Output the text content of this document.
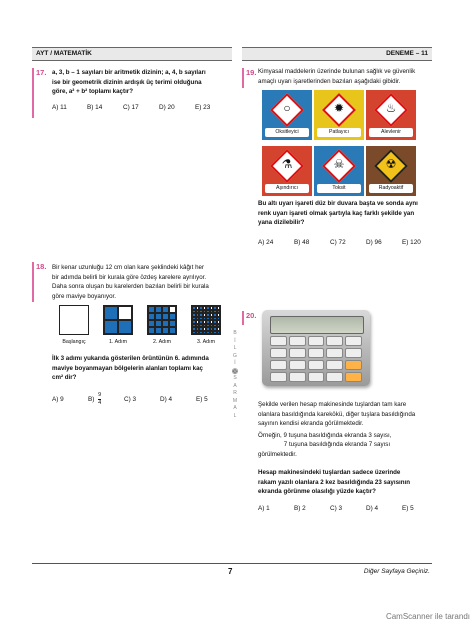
AYT / MATEMATİK	DENEME – 11
17. a, 3, b – 1 sayıları bir aritmetik dizinin; a, 4, b sayıları
ise bir geometrik dizinin ardışık üç terimi olduğuna
göre, a² + b² toplamı kaçtır?
A) 11	B) 14	C) 17	D) 20	E) 23
18. Bir kenar uzunluğu 12 cm olan kare şeklindeki kâğıt her
bir adımda belirli bir kurala göre özdeş karelere ayrılıyor.
Daha sonra oluşan bu karelerden bazıları belirli bir kurala
göre maviye boyanıyor.
Başlangıç	1. Adım	2. Adım	3. Adım
İlk 3 adımı yukarıda gösterilen örüntünün 6. adımında
maviye boyanmayan bölgelerin alanları toplamı kaç
cm² dir?
A) 9	$B) \frac{9}{4}$	C) 3	D) 4	E) 5
B
İ
L
G
İ
❁
S
A
R
M
A
L
19. Kimyasal maddelerin üzerinde bulunan sağlık ve güvenlik
amaçlı uyarı işaretlerinden bazıları aşağıdaki gibidir.
○
Oksitleyici
✹
Patlayıcı
♨
Alevlenir
⚗
Aşındırıcı
☠
Toksit
☢
Radyoaktif
Bu altı uyarı işareti düz bir duvara başta ve sonda aynı
renk uyarı işareti olmak şartıyla kaç farklı şekilde yan
yana dizilebilir?
A) 24	B) 48	C) 72	D) 96	E) 120
20.
Şekilde verilen hesap makinesinde tuşlardan tam kare
olanlara basıldığında karekökü, diğer tuşlara basıldığında
sayının kendisi ekranda görülmektedir.
Örneğin, 9 tuşuna basıldığında ekranda 3 sayısı,
7 tuşuna basıldığında ekranda 7 sayısı
görülmektedir.
Hesap makinesindeki tuşlardan sadece üzerinde
rakam yazılı olanlara 2 kez basıldığında 23 sayısının
ekranda görünme olasılığı yüzde kaçtır?
A) 1	B) 2	C) 3	D) 4	E) 5
7	Diğer Sayfaya Geçiniz.
CamScanner ile tarandı
